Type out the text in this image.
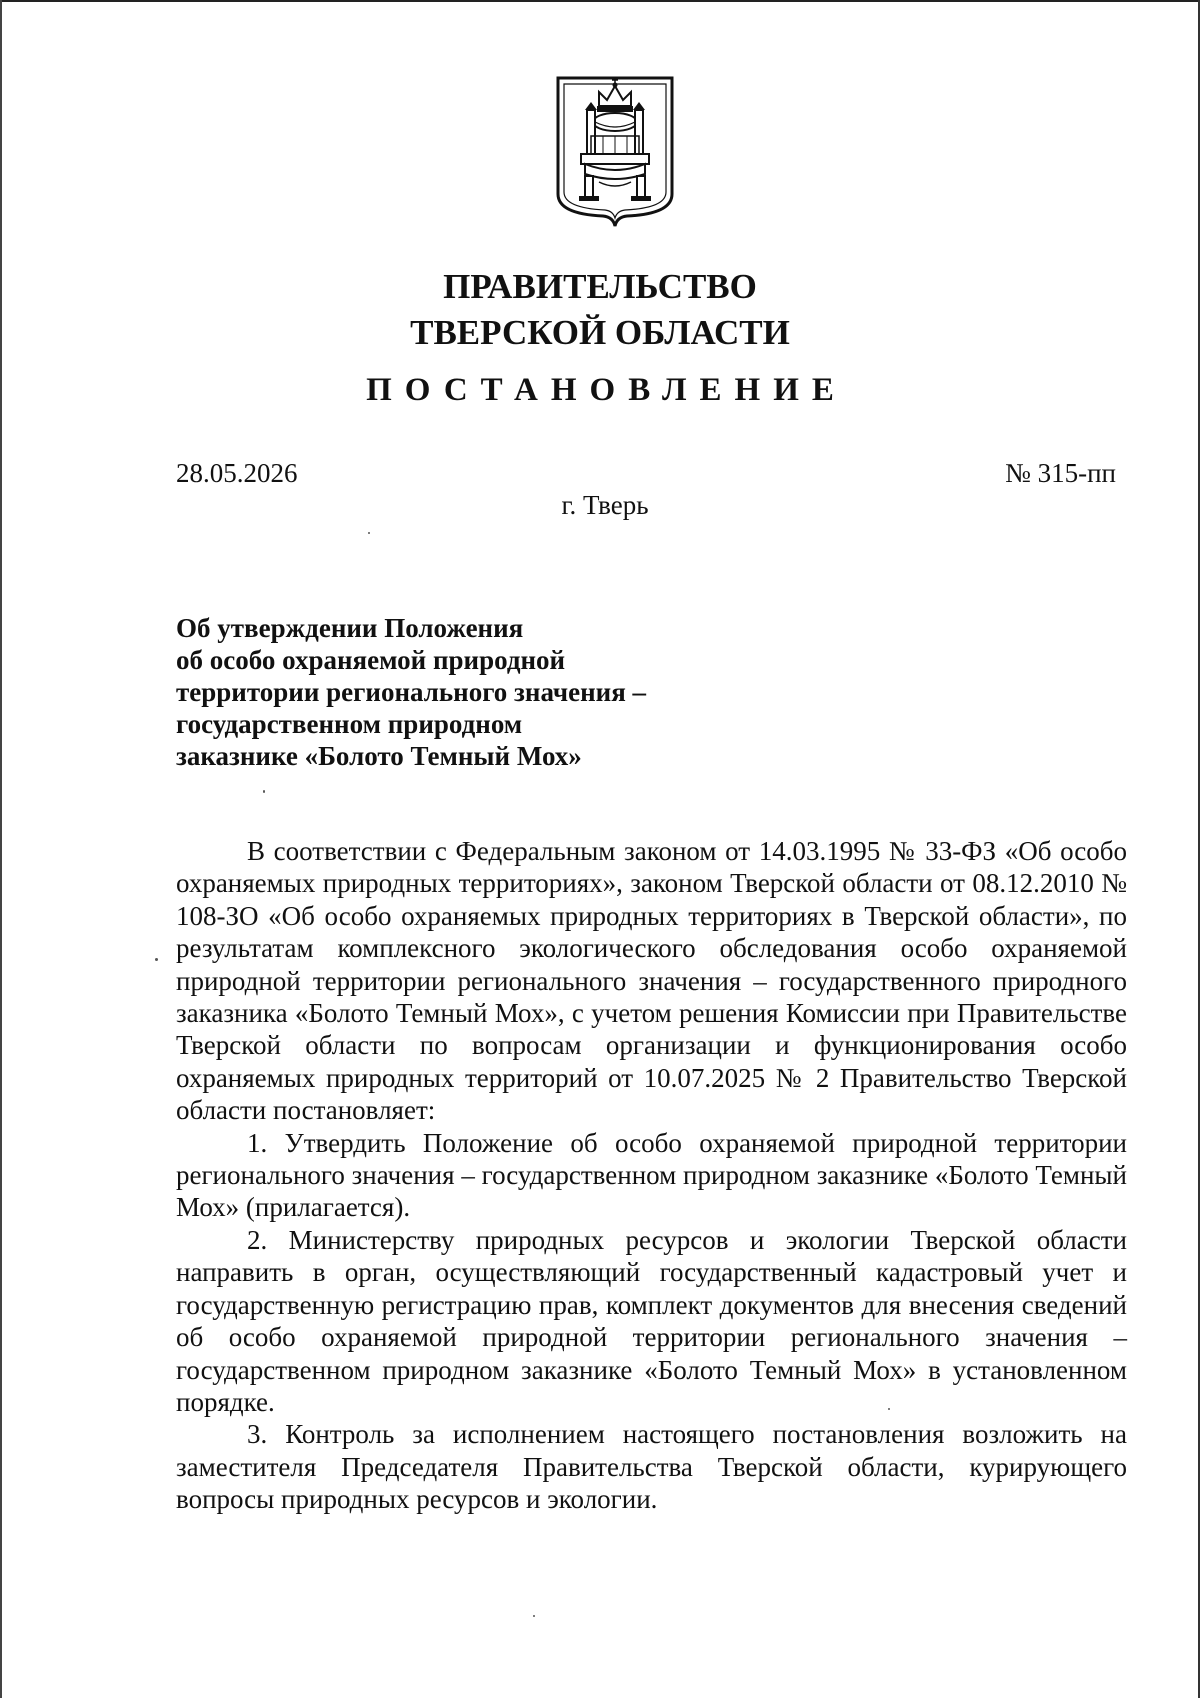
ПРАВИТЕЛЬСТВО
ТВЕРСКОЙ ОБЛАСТИ
ПОСТАНОВЛЕНИЕ
28.05.2026	№ 315-пп
г. Тверь
Об утверждении Положения
об особо охраняемой природной
территории регионального значения –
государственном природном
заказнике «Болото Темный Мох»

В соответствии с Федеральным законом от 14.03.1995 № 33-ФЗ «Об особо охраняемых природных территориях», законом Тверской области от 08.12.2010 № 108-ЗО «Об особо охраняемых природных территориях в Тверской области», по результатам комплексного экологического обследования особо охраняемой природной территории регионального значения – государственного природного заказника «Болото Темный Мох», с учетом решения Комиссии при Правительстве Тверской области по вопросам организации и функционирования особо охраняемых природных территорий от 10.07.2025 № 2 Правительство Тверской области постановляет:

1. Утвердить Положение об особо охраняемой природной территории регионального значения – государственном природном заказнике «Болото Темный Мох» (прилагается).

2. Министерству природных ресурсов и экологии Тверской области направить в орган, осуществляющий государственный кадастровый учет и государственную регистрацию прав, комплект документов для внесения сведений об особо охраняемой природной территории регионального значения – государственном природном заказнике «Болото Темный Мох» в установленном порядке.

3. Контроль за исполнением настоящего постановления возложить на заместителя Председателя Правительства Тверской области, курирующего вопросы природных ресурсов и экологии.
